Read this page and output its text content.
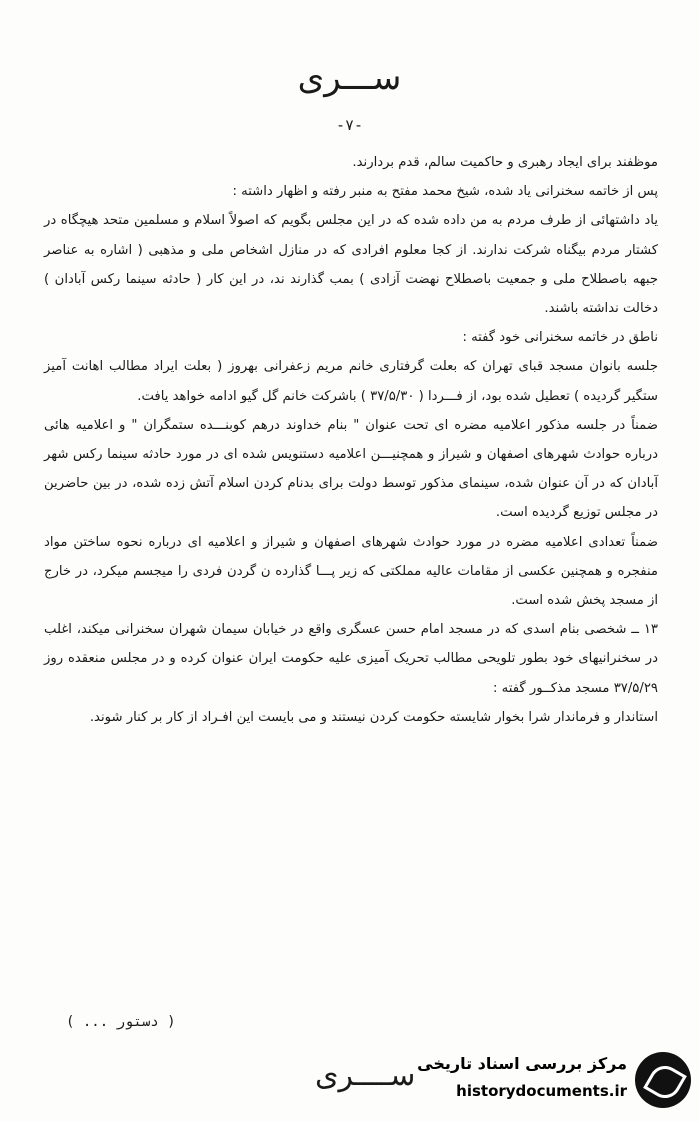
ســـری
-۷-

موظفند برای ایجاد رهبری و حاکمیت سالم، قدم بردارند.

پس از خاتمه سخنرانی یاد شده، شیخ محمد مفتح به منبر رفته و اظهار داشته :

یاد داشتهائی از طرف مردم به من داده شده که در این مجلس بگویم که اصولاً اسلام و مسلمین متحد هیچگاه در کشتار مردم بیگناه شرکت ندارند. از کجا معلوم افرادی که در منازل اشخاص ملی و مذهبی ( اشاره به عناصر جبهه باصطلاح ملی و جمعیت باصطلاح نهضت آزادی ) بمب گذارند ند، در این کار ( حادثه سینما رکس آبادان ) دخالت نداشته باشند.

ناطق در خاتمه سخنرانی خود گفته :

جلسه بانوان مسجد قبای تهران که بعلت گرفتاری خانم مریم زعفرانی بهروز ( بعلت ایراد مطالب اهانت آمیز ستگیر گردیده ) تعطیل شده بود، از فـــردا ( ۳۷/۵/۳۰ ) باشرکت خانم گل گیو ادامه خواهد یافت.

ضمناً در جلسه مذکور اعلامیه مضره ای تحت عنوان " بنام خداوند درهم کوبنـــده ستمگران " و اعلامیه هائی درباره حوادث شهرهای اصفهان و شیراز و همچنیـــن اعلامیه دستنویس شده ای در مورد حادثه سینما رکس شهر آبادان که در آن عنوان شده، سینمای مذکور توسط دولت برای بدنام کردن اسلام آتش زده شده، در بین حاضرین در مجلس توزیع گردیده است.

ضمناً تعدادی اعلامیه مضره در مورد حوادث شهرهای اصفهان و شیراز و اعلامیه ای درباره نحوه ساختن مواد منفجره و همچنین عکسی از مقامات عالیه مملکتی که زیر پـــا گذارده ن گردن فردی را میجسم میکرد، در خارج از مسجد پخش شده است.

۱۳ ــ شخصی بنام اسدی که در مسجد امام حسن عسگری واقع در خیابان سیمان شهران سخنرانی میکند، اغلب در سخنرانیهای خود بطور تلویحی مطالب تحریک آمیزی علیه حکومت ایران عنوان کرده و در مجلس منعقده روز ۳۷/۵/۲۹ مسجد مذکــور گفته :

استاندار و فرماندار شرا بخوار شایسته حکومت کردن نیستند و می بایست این افـراد از کار بر کنار شوند.

( دستور ... )
ســــری مرکز بررسی اسناد تاریخی
historydocuments.ir
